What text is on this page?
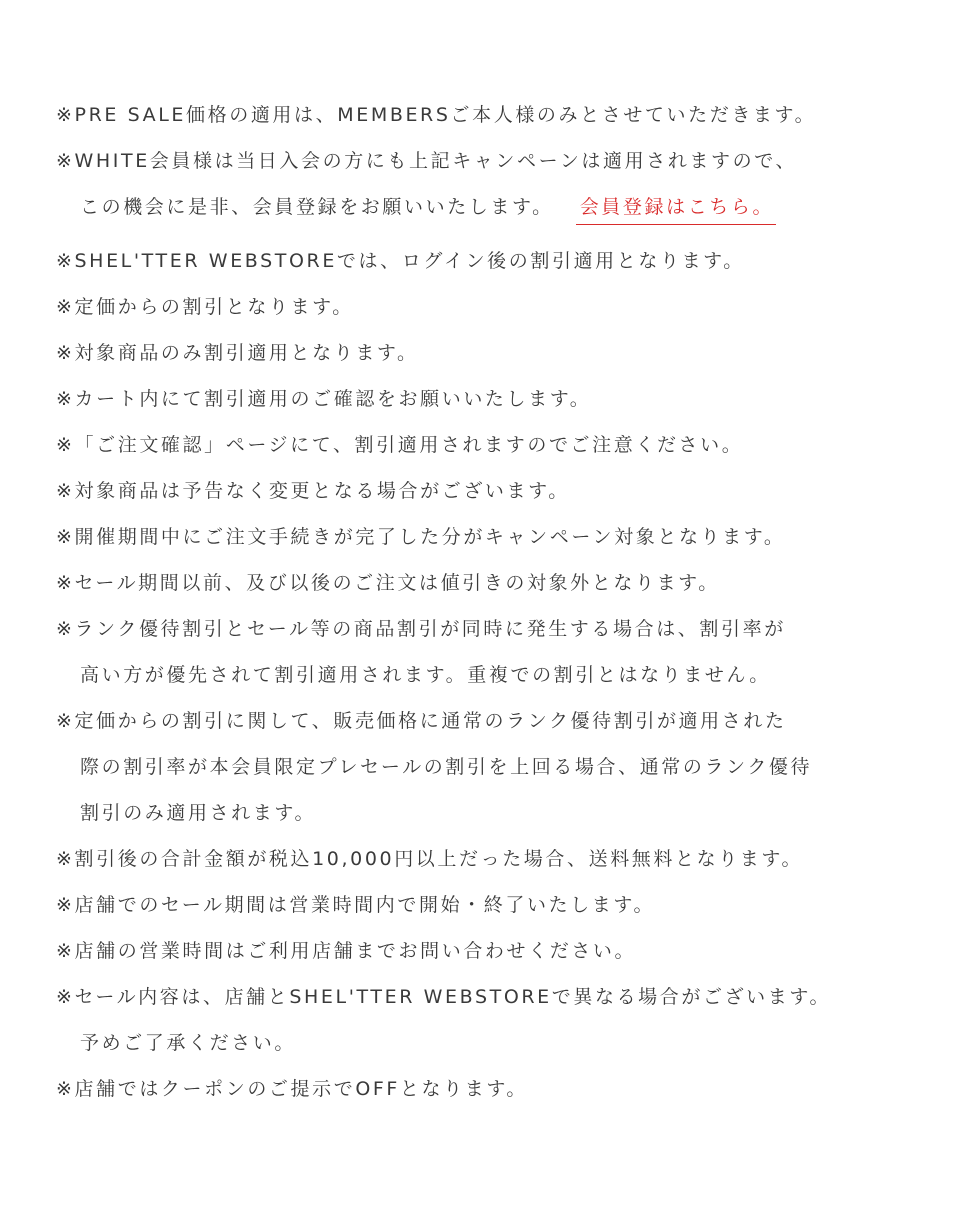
※PRE SALE価格の適用は、MEMBERSご本人様のみとさせていただきます。
※WHITE会員様は当日入会の方にも上記キャンペーンは適用されますので、
この機会に是非、会員登録をお願いいたします。 会員登録はこちら。
※SHEL'TTER WEBSTOREでは、ログイン後の割引適用となります。
※定価からの割引となります。
※対象商品のみ割引適用となります。
※カート内にて割引適用のご確認をお願いいたします。
※「ご注文確認」ページにて、割引適用されますのでご注意ください。
※対象商品は予告なく変更となる場合がございます。
※開催期間中にご注文手続きが完了した分がキャンペーン対象となります。
※セール期間以前、及び以後のご注文は値引きの対象外となります。
※ランク優待割引とセール等の商品割引が同時に発生する場合は、割引率が
高い方が優先されて割引適用されます。重複での割引とはなりません。
※定価からの割引に関して、販売価格に通常のランク優待割引が適用された
際の割引率が本会員限定プレセールの割引を上回る場合、通常のランク優待
割引のみ適用されます。
※割引後の合計金額が税込10,000円以上だった場合、送料無料となります。
※店舗でのセール期間は営業時間内で開始・終了いたします。
※店舗の営業時間はご利用店舗までお問い合わせください。
※セール内容は、店舗とSHEL'TTER WEBSTOREで異なる場合がございます。
予めご了承ください。
※店舗ではクーポンのご提示でOFFとなります。
